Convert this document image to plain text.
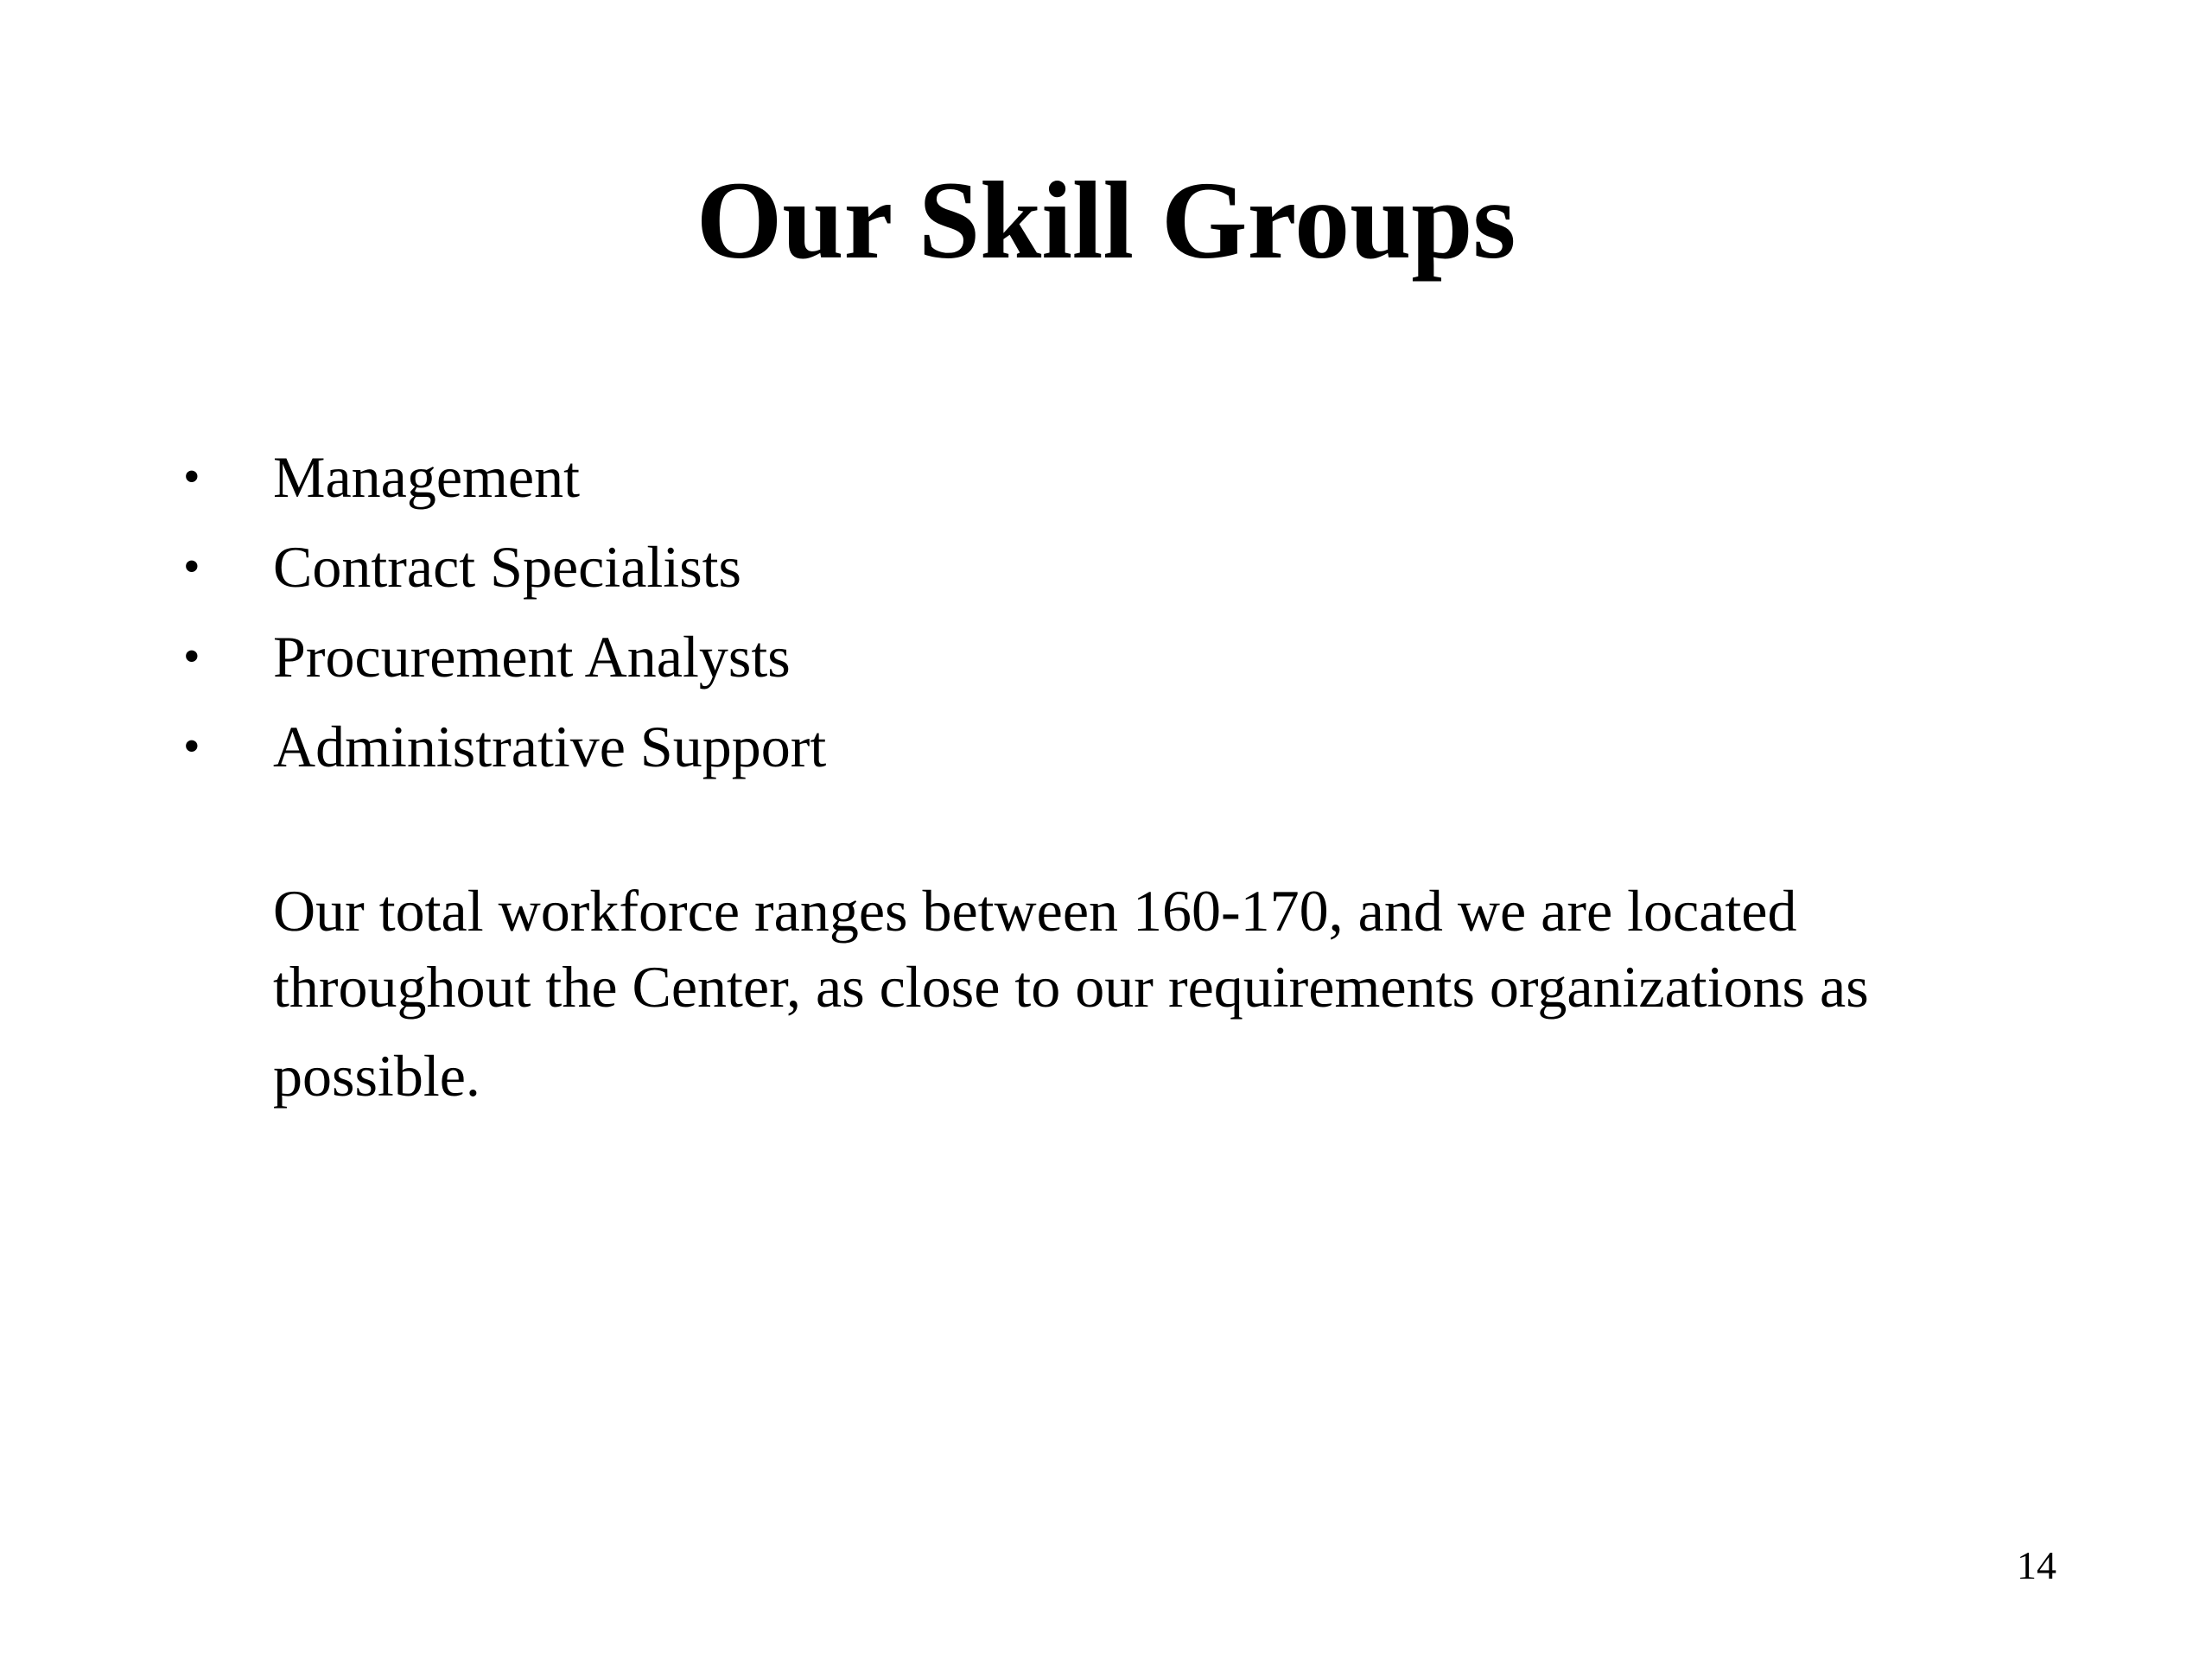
Our Skill Groups
• Management
• Contract Specialists
• Procurement Analysts
• Administrative Support

Our total workforce ranges between 160-170, and we are located
throughout the Center, as close to our requirements organizations as
possible.

14
